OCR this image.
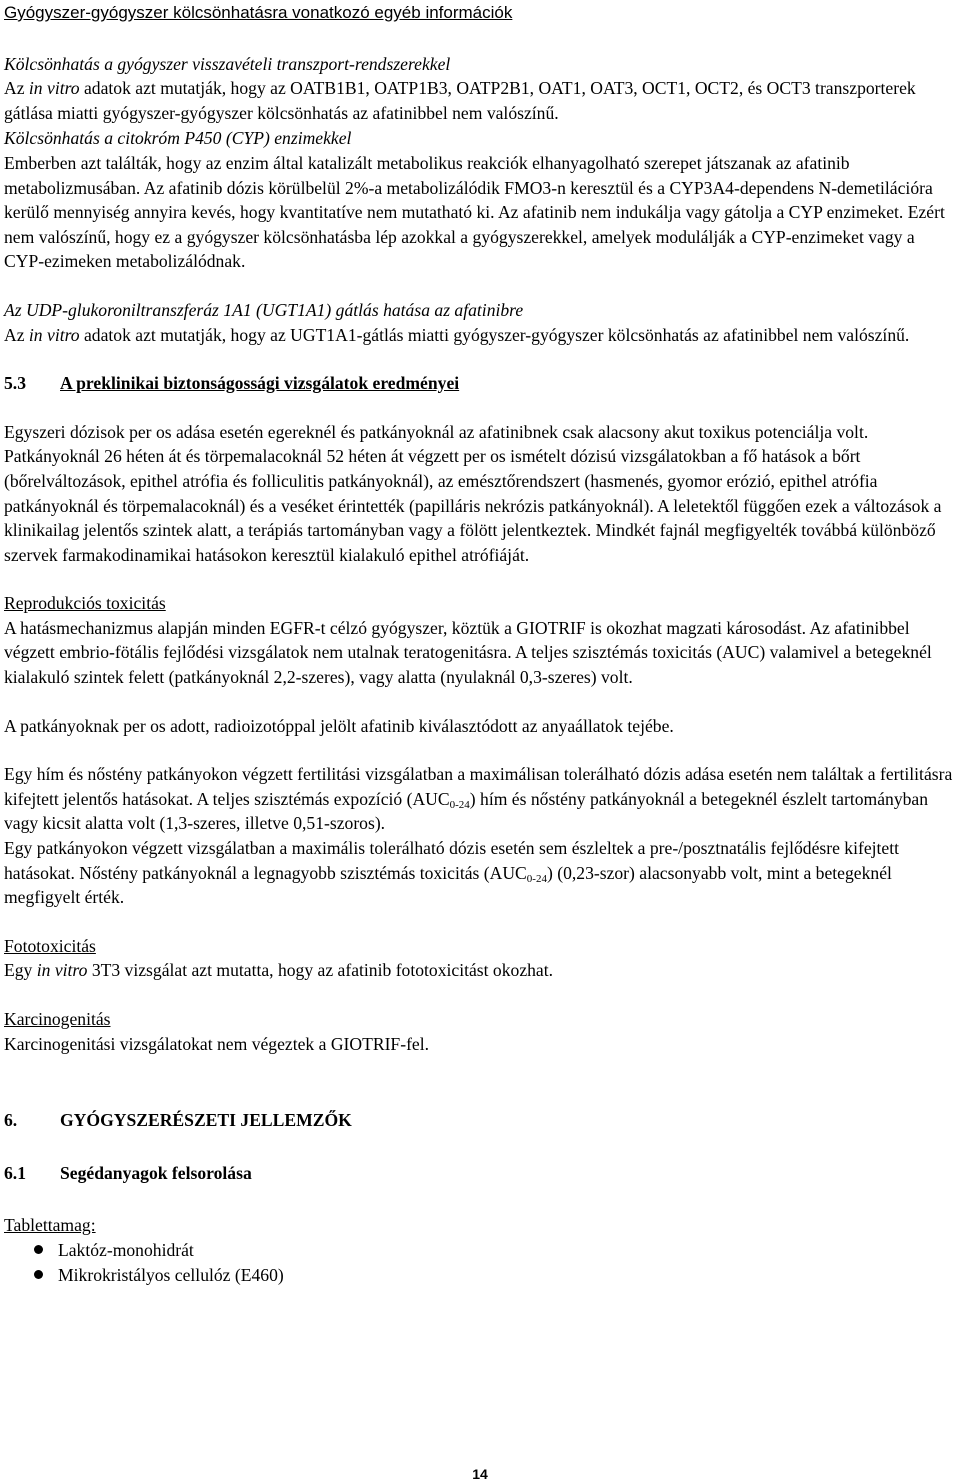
Gyógyszer-gyógyszer kölcsönhatásra vonatkozó egyéb információk

Kölcsönhatás a gyógyszer visszavételi transzport-rendszerekkel

Az in vitro adatok azt mutatják, hogy az OATB1B1, OATP1B3, OATP2B1, OAT1, OAT3, OCT1, OCT2, és OCT3 transzporterek gátlása miatti gyógyszer-gyógyszer kölcsönhatás az afatinibbel nem valószínű.

Kölcsönhatás a citokróm P450 (CYP) enzimekkel

Emberben azt találták, hogy az enzim által katalizált metabolikus reakciók elhanyagolható szerepet játszanak az afatinib metabolizmusában. Az afatinib dózis körülbelül 2%-a metabolizálódik FMO3-n keresztül és a CYP3A4-dependens N-demetilációra kerülő mennyiség annyira kevés, hogy kvantitatíve nem mutatható ki. Az afatinib nem indukálja vagy gátolja a CYP enzimeket. Ezért nem valószínű, hogy ez a gyógyszer kölcsönhatásba lép azokkal a gyógyszerekkel, amelyek modulálják a CYP-enzimeket vagy a CYP-ezimeken metabolizálódnak.

Az UDP-glukoroniltranszferáz 1A1 (UGT1A1) gátlás hatása az afatinibre

Az in vitro adatok azt mutatják, hogy az UGT1A1-gátlás miatti gyógyszer-gyógyszer kölcsönhatás az afatinibbel nem valószínű.

5.3	A preklinikai biztonságossági vizsgálatok eredményei

Egyszeri dózisok per os adása esetén egereknél és patkányoknál az afatinibnek csak alacsony akut toxikus potenciálja volt. Patkányoknál 26 héten át és törpemalacoknál 52 héten át végzett per os ismételt dózisú vizsgálatokban a fő hatások a bőrt (bőrelváltozások, epithel atrófia és folliculitis patkányoknál), az emésztőrendszert (hasmenés, gyomor erózió, epithel atrófia patkányoknál és törpemalacoknál) és a veséket érintették (papilláris nekrózis patkányoknál). A leletektől függően ezek a változások a klinikailag jelentős szintek alatt, a terápiás tartományban vagy a fölött jelentkeztek. Mindkét fajnál megfigyelték továbbá különböző szervek farmakodinamikai hatásokon keresztül kialakuló epithel atrófiáját.

Reprodukciós toxicitás

A hatásmechanizmus alapján minden EGFR-t célzó gyógyszer, köztük a GIOTRIF is okozhat magzati károsodást. Az afatinibbel végzett embrio-fötális fejlődési vizsgálatok nem utalnak teratogenitásra. A teljes szisztémás toxicitás (AUC) valamivel a betegeknél kialakuló szintek felett (patkányoknál 2,2-szeres), vagy alatta (nyulaknál 0,3-szeres) volt.

A patkányoknak per os adott, radioizotóppal jelölt afatinib kiválasztódott az anyaállatok tejébe.

Egy hím és nőstény patkányokon végzett fertilitási vizsgálatban a maximálisan tolerálható dózis adása esetén nem találtak a fertilitásra kifejtett jelentős hatásokat. A teljes szisztémás expozíció $(AUC_{0-24})$ hím és nőstény patkányoknál a betegeknél észlelt tartományban vagy kicsit alatta volt (1,3-szeres, illetve 0,51-szoros).

Egy patkányokon végzett vizsgálatban a maximális tolerálható dózis esetén sem észleltek a pre-/posztnatális fejlődésre kifejtett hatásokat. Nőstény patkányoknál a legnagyobb szisztémás toxicitás $(AUC_{0-24})$ (0,23-szor) alacsonyabb volt, mint a betegeknél megfigyelt érték.

Fototoxicitás

Egy in vitro 3T3 vizsgálat azt mutatta, hogy az afatinib fototoxicitást okozhat.

Karcinogenitás

Karcinogenitási vizsgálatokat nem végeztek a GIOTRIF-fel.

6.	GYÓGYSZERÉSZETI JELLEMZŐK
6.1	Segédanyagok felsorolása

Tablettamag:

Laktóz-monohidrát
Mikrokristályos cellulóz (E460)
14
